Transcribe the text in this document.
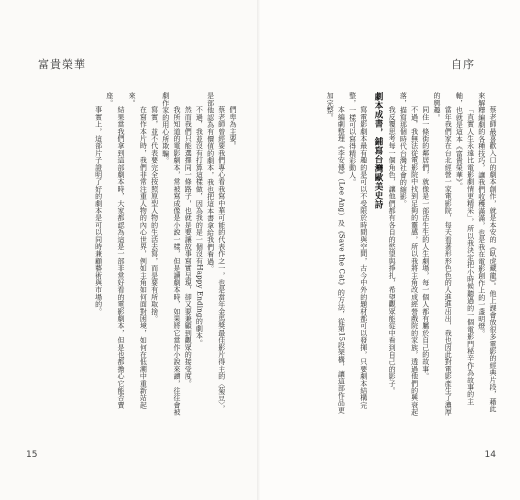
富貴榮華

們卑為主要。

蔡老師曾經要我們專心看我寫中華可能的代表作之一，也是當年金馬獎最佳影片得主的〈菊豆〉，是部他認為有價值的劇本，我也把這本書拿給我們看過。

不過，我並沒有打算這樣做，因為我的是一個沒有Happy Ending的劇本。

然而我們只能選擇同一條路子，也就是要讓故事寫實呈現，卻又要兼顧到觀眾的接受度。

我所知道的電影劇本，常被寫成像是小說一樣，但是讀劇本時，如果將它當作小說來讀，往往會被劇作家的用心所欺騙。

寫實，並不代表要完全按照原型人物的生活去寫，而是要有所取捨。

在寫作本片時，我們非常注重人物的內心世界，例如主角如何面對困境，如何在低潮中重新站起來。

結果當我們拿到這部劇本時，大家都認為這是一部非常好看的電影劇本，但是也都擔心它能否賣座。

事實上，這部片子證明了好的劇本是可以同時兼顧藝術與市場的。

15
自序

蔡老師最喜歡入口的劇本創作，就是本安的《臥虎藏龍》。他上課會放很多電影的經典片段，藉此來解釋編劇的各種技巧，讓我們收穫滿滿，也是我在電影創作上的一盞明燈。

「直實人生永遠比電影劇情更精采」，所以我決定把小時候聽過的一個電影門秘辛作為故事的主軸，也就是這本《富貴榮華》。

當年我們家在台北經營一家電影院，每天看著形形色色的人進進出出，我也因此對電影產生了濃厚的興趣。

同住一條街的鄰居們，就像是一部活生生的人生劇場，每一個人都有屬於自己的故事。

不過，我無法從電影院中找到足夠的靈感，所以我將主角改成經營戲院的家族，透過他們的興衰起落，描寫那個時代台灣社會的縮影。

我反覆思考每一個角色，讓他們都有各自的慾望與掙扎，希望觀眾能從中看到自己的影子。

劇本成書，鋪寫台灣歐美史詩

寫電影劇本最有趣的是可以不受限於時間與空間，古今中外的題材都可以發揮，只要劇本結構完整，一樣可以寫得精彩動人。

本編劇整理《李安傳》（Lee Ang）及《Save the Cat》的方法，從第15段架構，讓這部作品更加完整。

14
